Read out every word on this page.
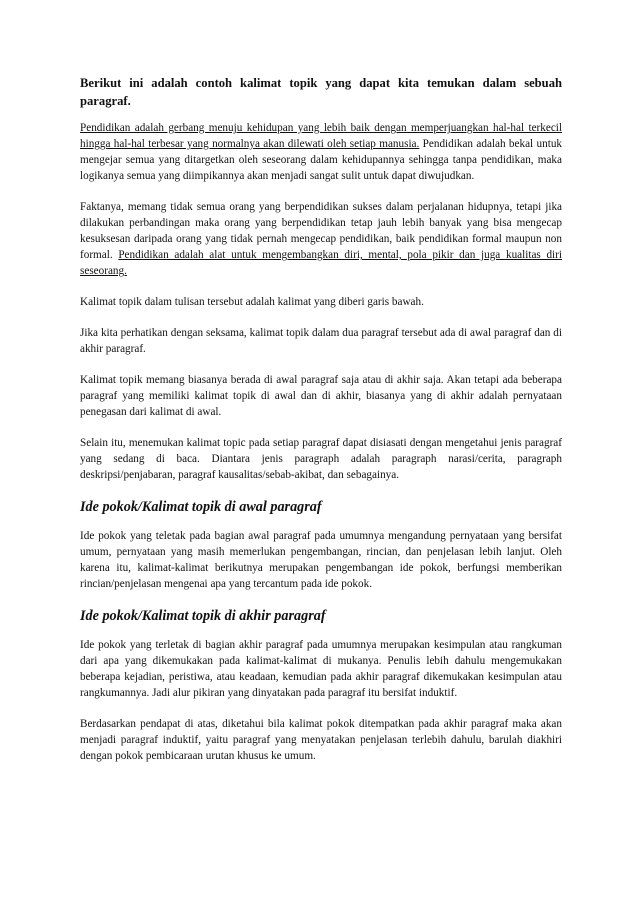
Berikut ini adalah contoh kalimat topik yang dapat kita temukan dalam sebuah paragraf.

Pendidikan adalah gerbang menuju kehidupan yang lebih baik dengan memperjuangkan hal-hal terkecil hingga hal-hal terbesar yang normalnya akan dilewati oleh setiap manusia. Pendidikan adalah bekal untuk mengejar semua yang ditargetkan oleh seseorang dalam kehidupannya sehingga tanpa pendidikan, maka logikanya semua yang diimpikannya akan menjadi sangat sulit untuk dapat diwujudkan.

Faktanya, memang tidak semua orang yang berpendidikan sukses dalam perjalanan hidupnya, tetapi jika dilakukan perbandingan maka orang yang berpendidikan tetap jauh lebih banyak yang bisa mengecap kesuksesan daripada orang yang tidak pernah mengecap pendidikan, baik pendidikan formal maupun non formal. Pendidikan adalah alat untuk mengembangkan diri, mental, pola pikir dan juga kualitas diri seseorang.

Kalimat topik dalam tulisan tersebut adalah kalimat yang diberi garis bawah.

Jika kita perhatikan dengan seksama, kalimat topik dalam dua paragraf tersebut ada di awal paragraf dan di akhir paragraf.

Kalimat topik memang biasanya berada di awal paragraf saja atau di akhir saja. Akan tetapi ada beberapa paragraf yang memiliki kalimat topik di awal dan di akhir, biasanya yang di akhir adalah pernyataan penegasan dari kalimat di awal.

Selain itu, menemukan kalimat topic pada setiap paragraf dapat disiasati dengan mengetahui jenis paragraf yang sedang di baca. Diantara jenis paragraph adalah paragraph narasi/cerita, paragraph deskripsi/penjabaran, paragraf kausalitas/sebab-akibat, dan sebagainya.

Ide pokok/Kalimat topik di awal paragraf

Ide pokok yang teletak pada bagian awal paragraf pada umumnya mengandung pernyataan yang bersifat umum, pernyataan yang masih memerlukan pengembangan, rincian, dan penjelasan lebih lanjut. Oleh karena itu, kalimat-kalimat berikutnya merupakan pengembangan ide pokok, berfungsi memberikan rincian/penjelasan mengenai apa yang tercantum pada ide pokok.

Ide pokok/Kalimat topik di akhir paragraf

Ide pokok yang terletak di bagian akhir paragraf pada umumnya merupakan kesimpulan atau rangkuman dari apa yang dikemukakan pada kalimat-kalimat di mukanya. Penulis lebih dahulu mengemukakan beberapa kejadian, peristiwa, atau keadaan, kemudian pada akhir paragraf dikemukakan kesimpulan atau rangkumannya. Jadi alur pikiran yang dinyatakan pada paragraf itu bersifat induktif.

Berdasarkan pendapat di atas, diketahui bila kalimat pokok ditempatkan pada akhir paragraf maka akan menjadi paragraf induktif, yaitu paragraf yang menyatakan penjelasan terlebih dahulu, barulah diakhiri dengan pokok pembicaraan urutan khusus ke umum.
